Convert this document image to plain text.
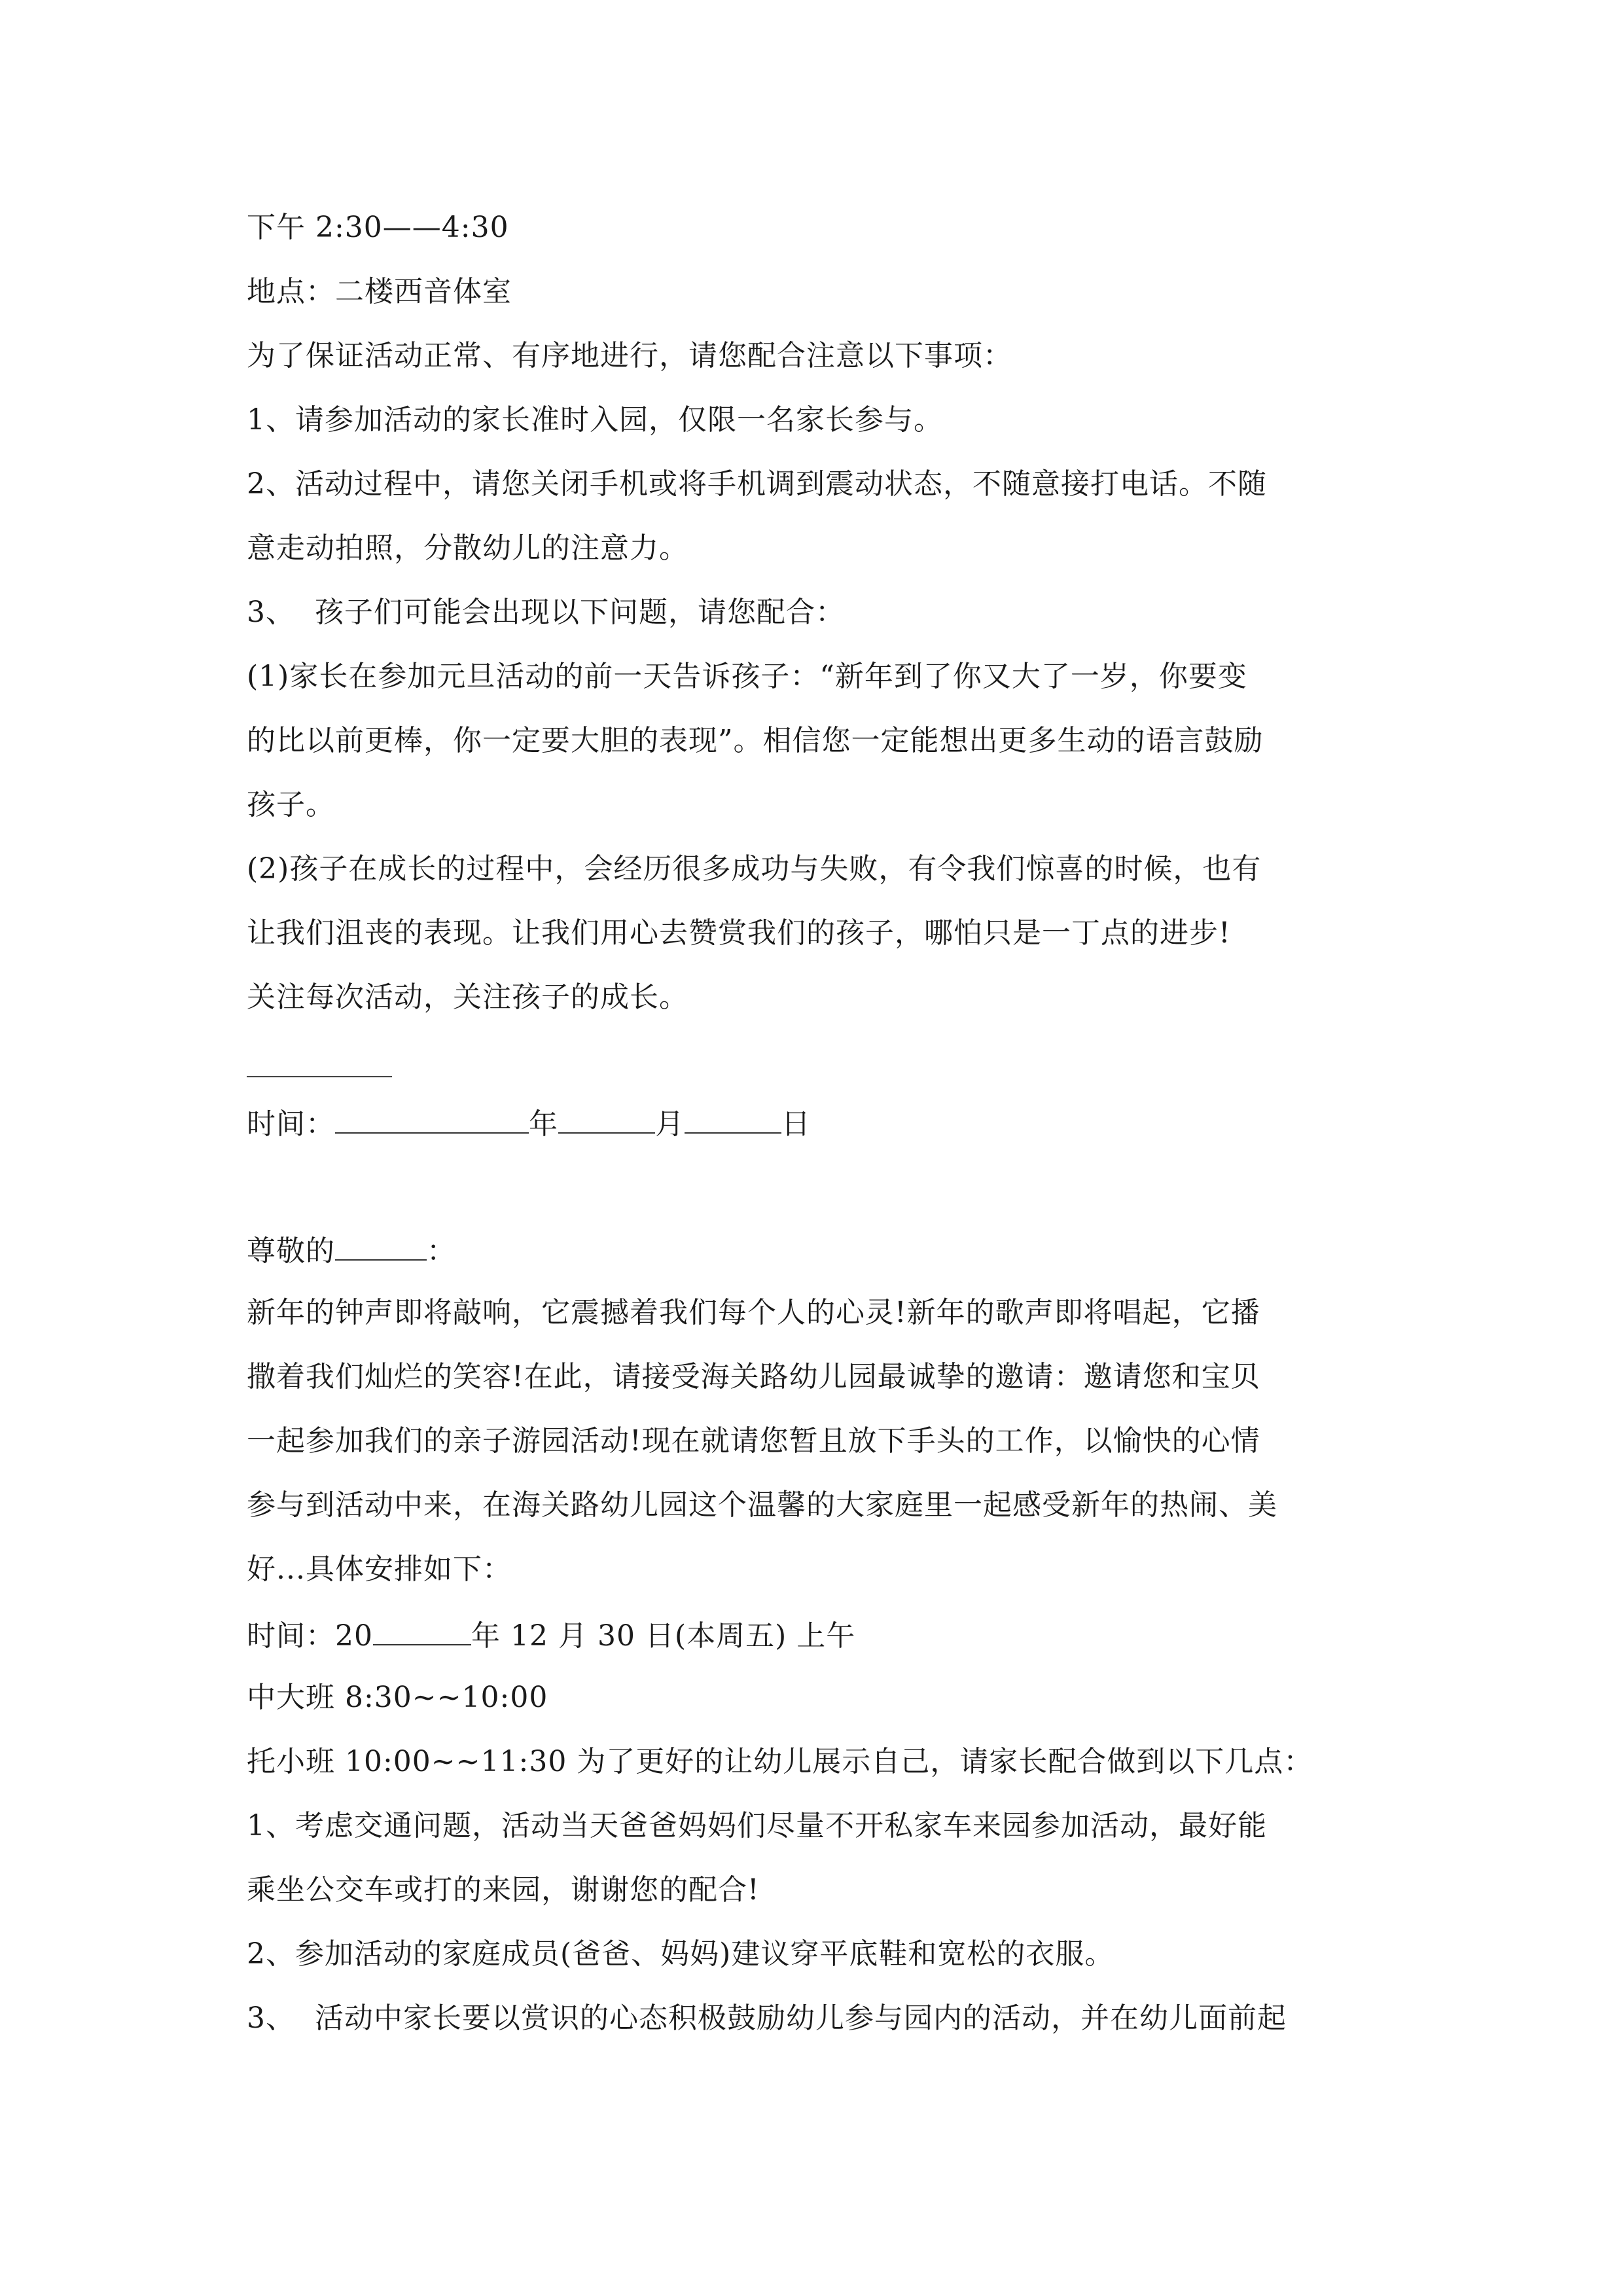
下午 2:30——4:30
地点：二楼西音体室
为了保证活动正常、有序地进行，请您配合注意以下事项：
1、请参加活动的家长准时入园，仅限一名家长参与。
2、活动过程中，请您关闭手机或将手机调到震动状态，不随意接打电话。不随
意走动拍照，分散幼儿的注意力。
3、  孩子们可能会出现以下问题，请您配合：
(1)家长在参加元旦活动的前一天告诉孩子：“新年到了你又大了一岁，你要变
的比以前更棒，你一定要大胆的表现”。相信您一定能想出更多生动的语言鼓励
孩子。
(2)孩子在成长的过程中，会经历很多成功与失败，有令我们惊喜的时候，也有
让我们沮丧的表现。让我们用心去赞赏我们的孩子，哪怕只是一丁点的进步!
关注每次活动，关注孩子的成长。
时间：	年	月	日
尊敬的	：
新年的钟声即将敲响，它震撼着我们每个人的心灵!新年的歌声即将唱起，它播
撒着我们灿烂的笑容!在此，请接受海关路幼儿园最诚挚的邀请：邀请您和宝贝
一起参加我们的亲子游园活动!现在就请您暂且放下手头的工作，以愉快的心情
参与到活动中来，在海关路幼儿园这个温馨的大家庭里一起感受新年的热闹、美
好...具体安排如下：
时间：20	年 12 月 30 日(本周五) 上午
中大班 8:30~~10:00
托小班 10:00~~11:30 为了更好的让幼儿展示自己，请家长配合做到以下几点：
1、考虑交通问题，活动当天爸爸妈妈们尽量不开私家车来园参加活动，最好能
乘坐公交车或打的来园，谢谢您的配合!
2、参加活动的家庭成员(爸爸、妈妈)建议穿平底鞋和宽松的衣服。
3、  活动中家长要以赏识的心态积极鼓励幼儿参与园内的活动，并在幼儿面前起
